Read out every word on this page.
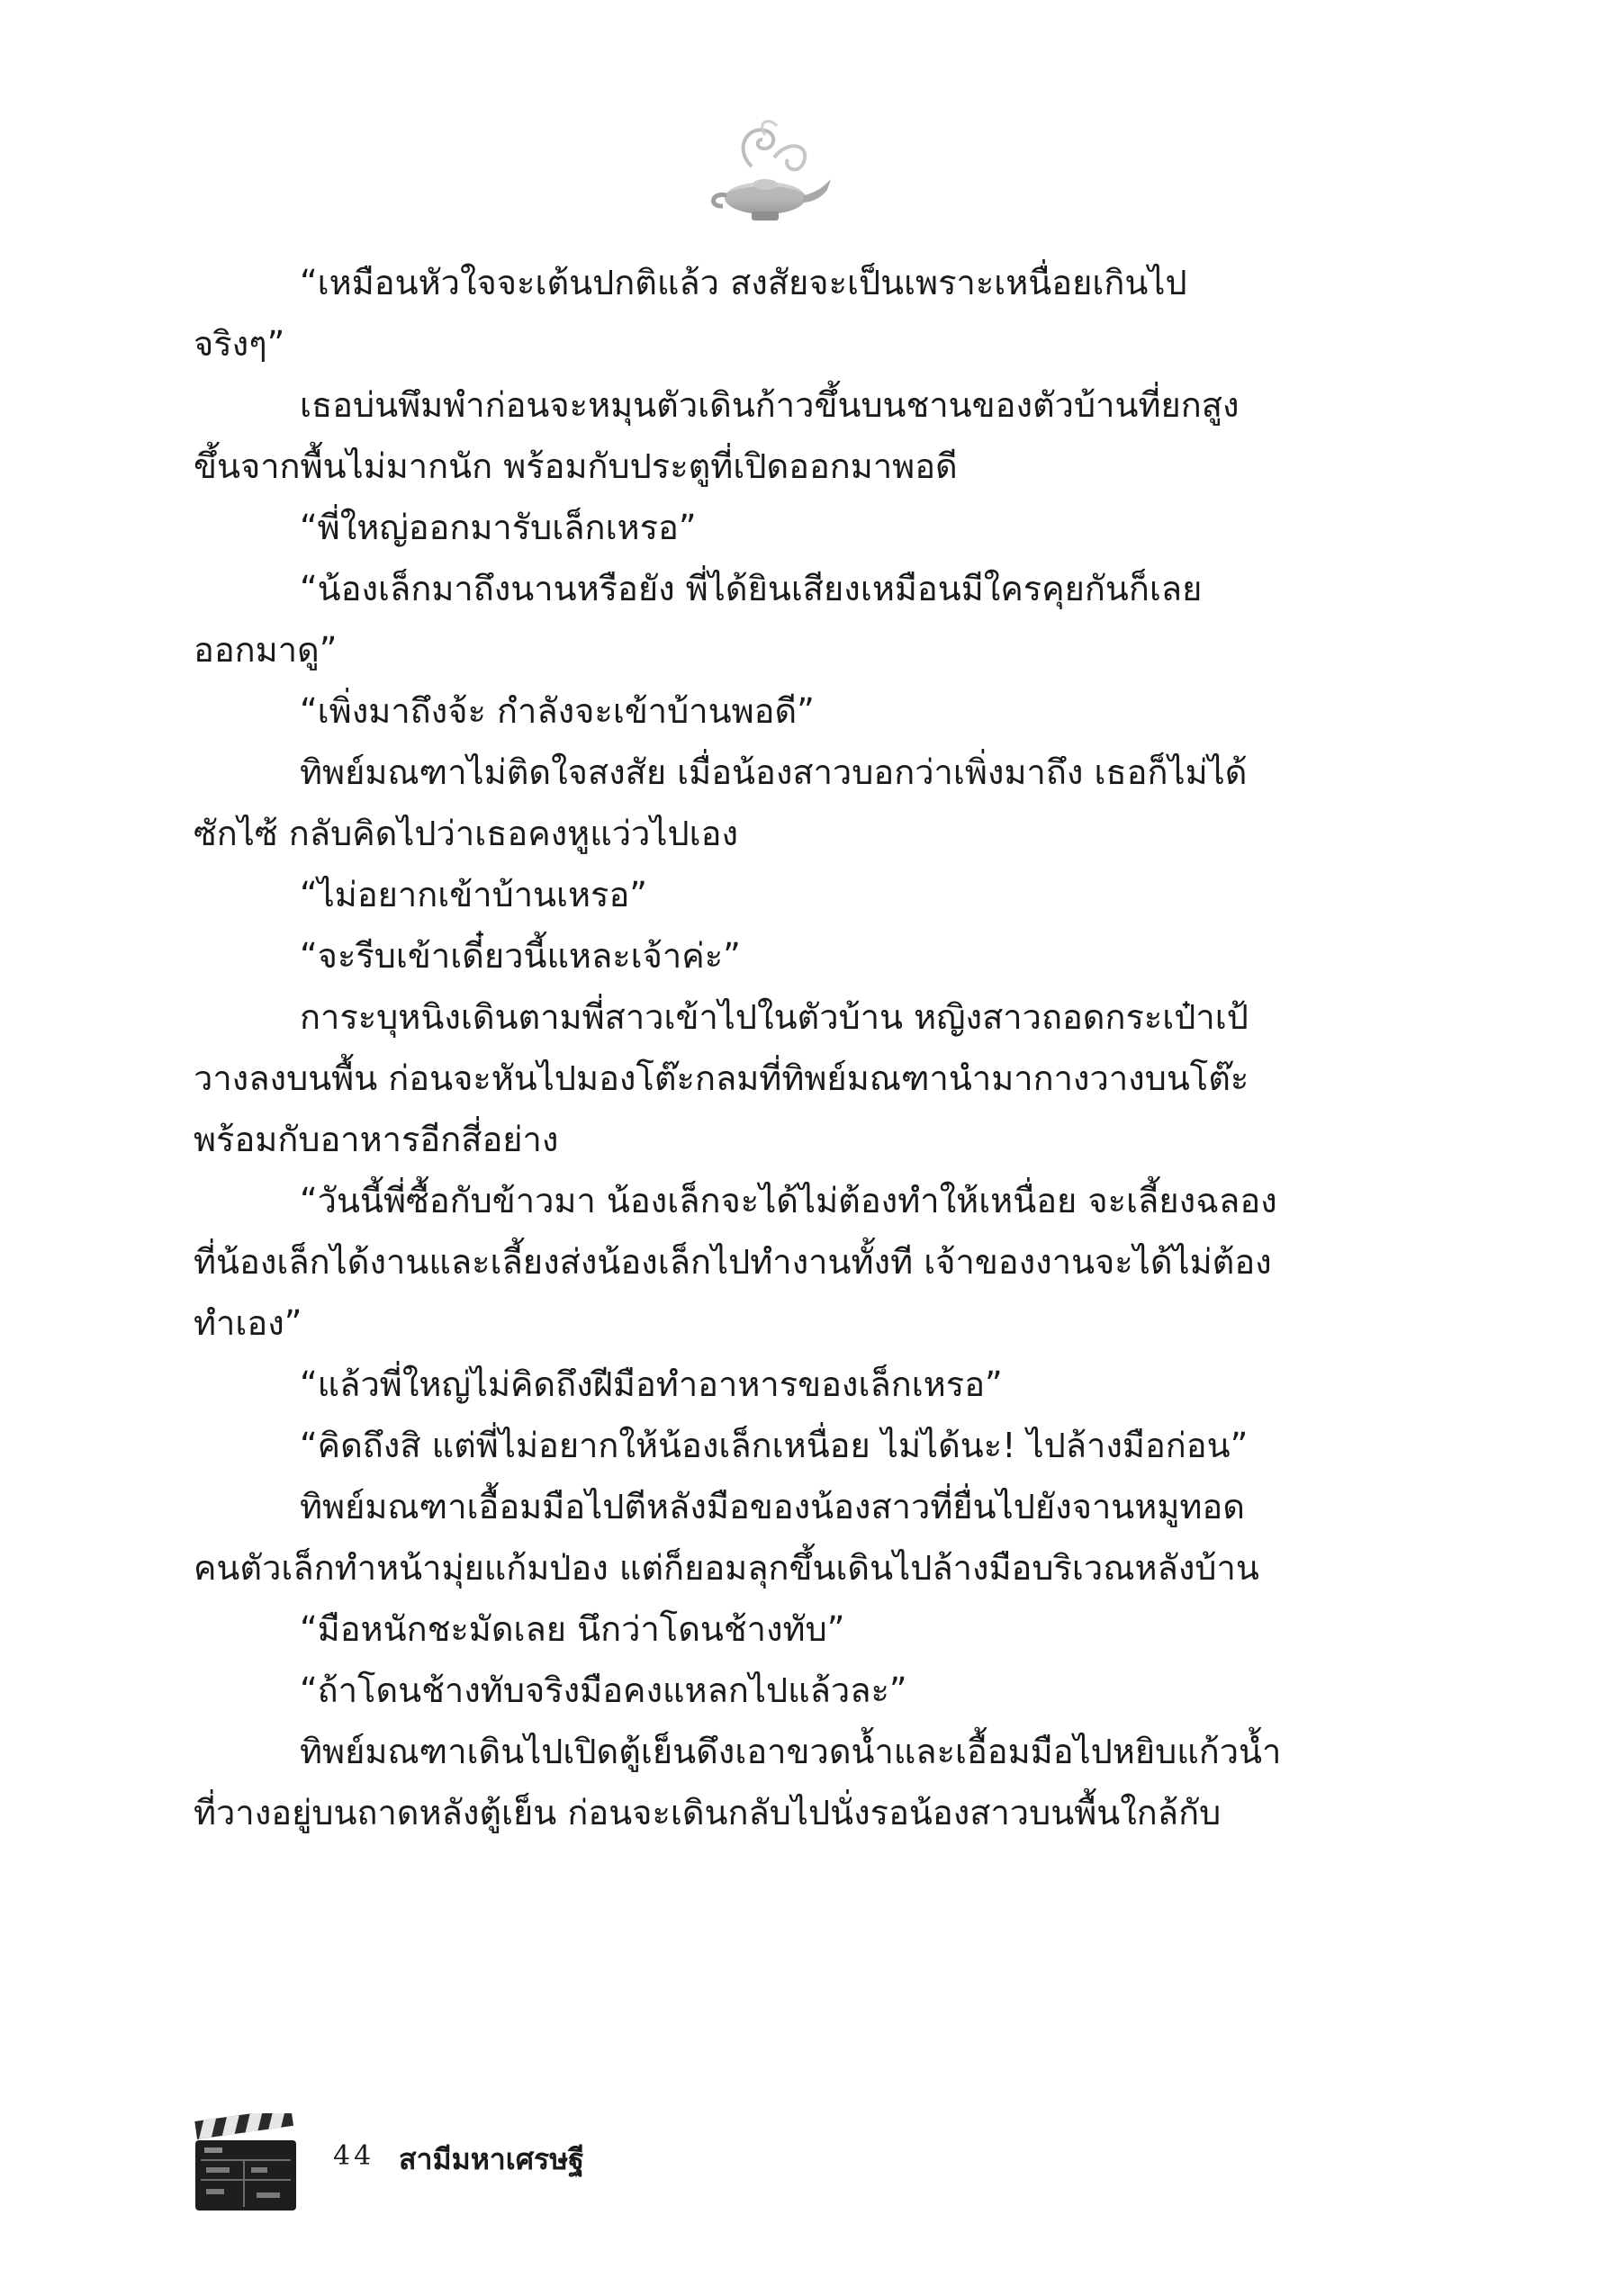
“เหมือนหัวใจจะเต้นปกติแล้ว สงสัยจะเป็นเพราะเหนื่อยเกินไป
จริงๆ”
เธอบ่นพึมพำก่อนจะหมุนตัวเดินก้าวขึ้นบนชานของตัวบ้านที่ยกสูง
ขึ้นจากพื้นไม่มากนัก พร้อมกับประตูที่เปิดออกมาพอดี
“พี่ใหญ่ออกมารับเล็กเหรอ”
“น้องเล็กมาถึงนานหรือยัง พี่ได้ยินเสียงเหมือนมีใครคุยกันก็เลย
ออกมาดู”
“เพิ่งมาถึงจ้ะ กำลังจะเข้าบ้านพอดี”
ทิพย์มณฑาไม่ติดใจสงสัย เมื่อน้องสาวบอกว่าเพิ่งมาถึง เธอก็ไม่ได้
ซักไซ้ กลับคิดไปว่าเธอคงหูแว่วไปเอง
“ไม่อยากเข้าบ้านเหรอ”
“จะรีบเข้าเดี๋ยวนี้แหละเจ้าค่ะ”
การะบุหนิงเดินตามพี่สาวเข้าไปในตัวบ้าน หญิงสาวถอดกระเป๋าเป้
วางลงบนพื้น ก่อนจะหันไปมองโต๊ะกลมที่ทิพย์มณฑานำมากางวางบนโต๊ะ
พร้อมกับอาหารอีกสี่อย่าง
“วันนี้พี่ซื้อกับข้าวมา น้องเล็กจะได้ไม่ต้องทำให้เหนื่อย จะเลี้ยงฉลอง
ที่น้องเล็กได้งานและเลี้ยงส่งน้องเล็กไปทำงานทั้งที เจ้าของงานจะได้ไม่ต้อง
ทำเอง”
“แล้วพี่ใหญ่ไม่คิดถึงฝีมือทำอาหารของเล็กเหรอ”
“คิดถึงสิ แต่พี่ไม่อยากให้น้องเล็กเหนื่อย ไม่ได้นะ! ไปล้างมือก่อน”
ทิพย์มณฑาเอื้อมมือไปตีหลังมือของน้องสาวที่ยื่นไปยังจานหมูทอด
คนตัวเล็กทำหน้ามุ่ยแก้มป่อง แต่ก็ยอมลุกขึ้นเดินไปล้างมือบริเวณหลังบ้าน
“มือหนักชะมัดเลย นึกว่าโดนช้างทับ”
“ถ้าโดนช้างทับจริงมือคงแหลกไปแล้วละ”
ทิพย์มณฑาเดินไปเปิดตู้เย็นดึงเอาขวดน้ำและเอื้อมมือไปหยิบแก้วน้ำ
ที่วางอยู่บนถาดหลังตู้เย็น ก่อนจะเดินกลับไปนั่งรอน้องสาวบนพื้นใกล้กับ
44 สามีมหาเศรษฐี
